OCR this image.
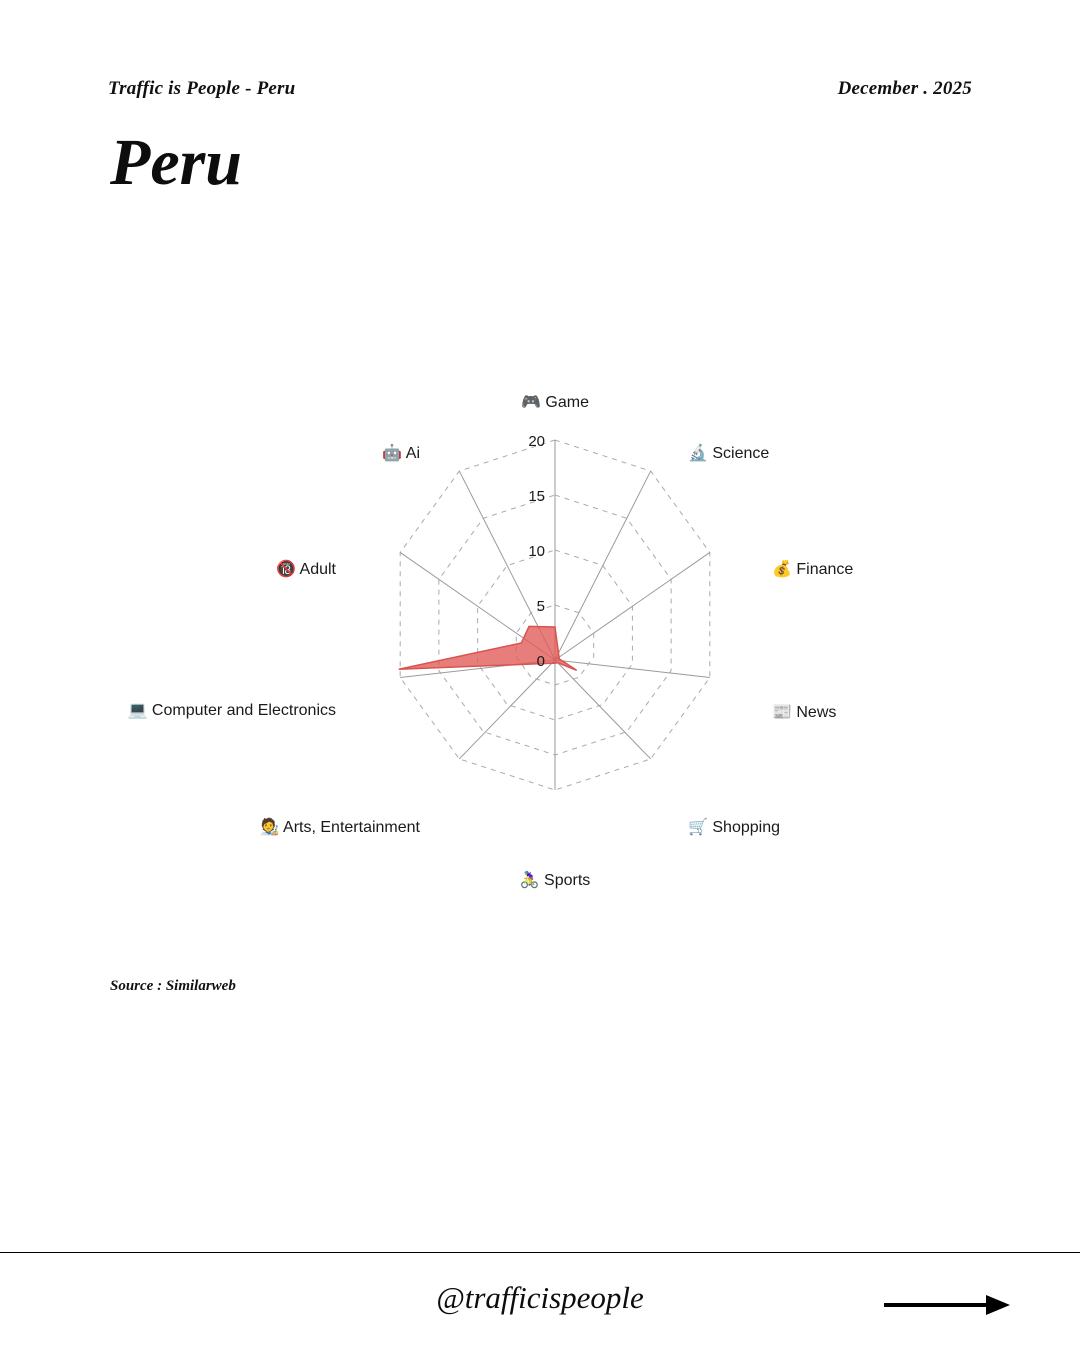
Traffic is People - Peru	December . 2025
Peru
0
5
10
15
20
🎮 Game
🔬 Science
💰 Finance
📰 News
🛒 Shopping
🚴‍♀️ Sports
🧑‍🎨 Arts, Entertainment
💻 Computer and Electronics
🔞 Adult
🤖 Ai
Source : Similarweb
@trafficispeople
